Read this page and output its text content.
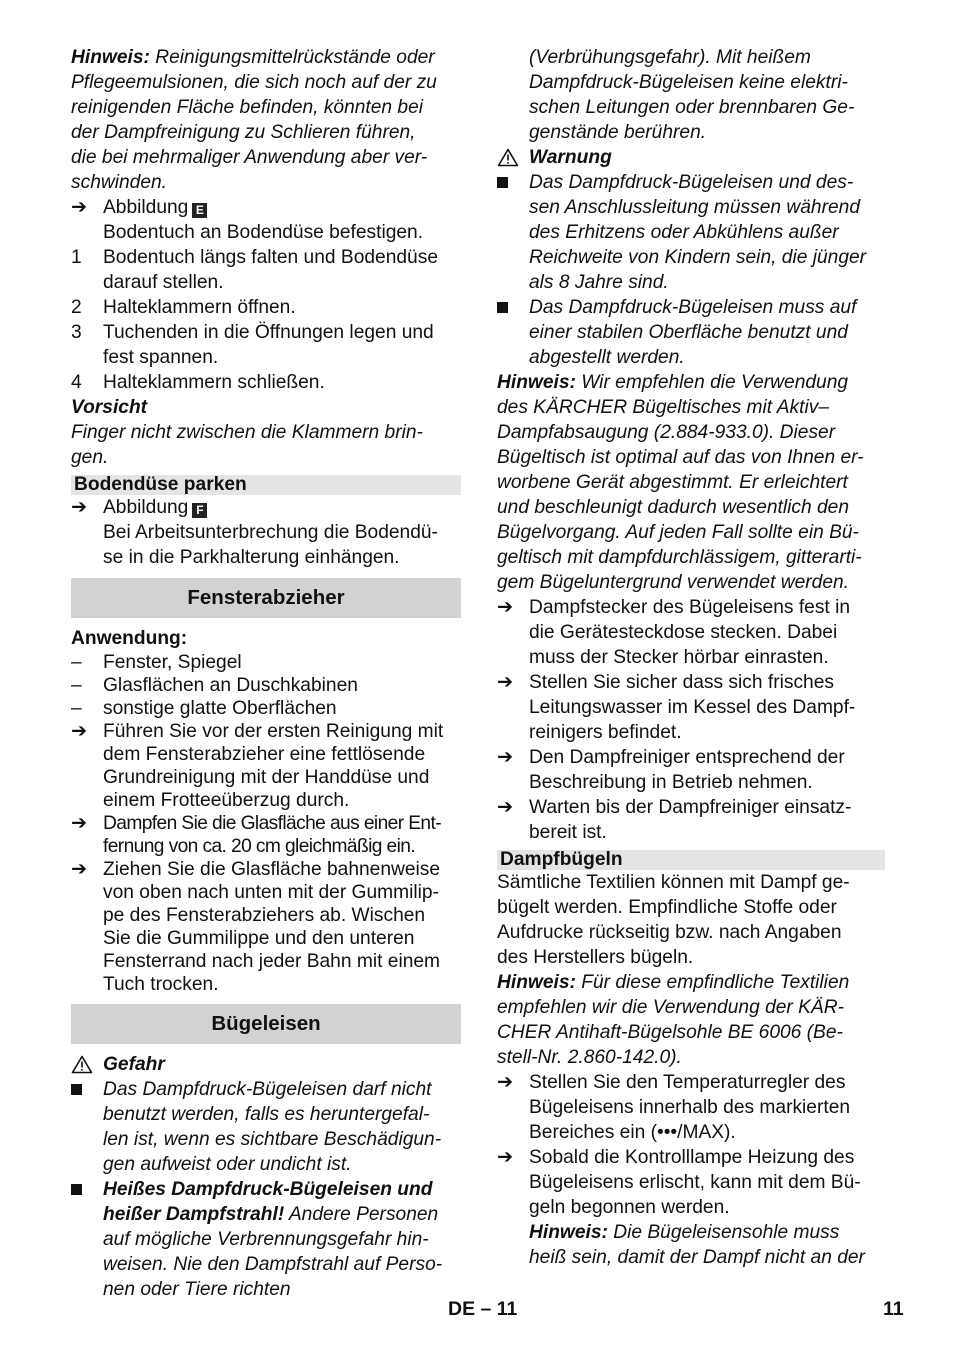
Hinweis: Reinigungsmittelrückstände oder
Pflegeemulsionen, die sich noch auf der zu
reinigenden Fläche befinden, könnten bei
der Dampfreinigung zu Schlieren führen,
die bei mehrmaliger Anwendung aber ver-
schwinden.
➔ Abbildung E
Bodentuch an Bodendüse befestigen.
1	Bodentuch längs falten und Bodendüse
darauf stellen.
2	Halteklammern öffnen.
3	Tuchenden in die Öffnungen legen und
fest spannen.
4	Halteklammern schließen.
Vorsicht
Finger nicht zwischen die Klammern brin-
gen.
Bodendüse parken
➔ Abbildung F
Bei Arbeitsunterbrechung die Bodendü-
se in die Parkhalterung einhängen.
Fensterabzieher
Anwendung:
–	Fenster, Spiegel
–	Glasflächen an Duschkabinen
–	sonstige glatte Oberflächen
➔ Führen Sie vor der ersten Reinigung mit
dem Fensterabzieher eine fettlösende
Grundreinigung mit der Handdüse und
einem Frotteeüberzug durch.
➔ Dampfen Sie die Glasfläche aus einer Ent-
fernung von ca. 20 cm gleichmäßig ein.
➔ Ziehen Sie die Glasfläche bahnenweise
von oben nach unten mit der Gummilip-
pe des Fensterabziehers ab. Wischen
Sie die Gummilippe und den unteren
Fensterrand nach jeder Bahn mit einem
Tuch trocken.
Bügeleisen
Gefahr
Das Dampfdruck-Bügeleisen darf nicht
benutzt werden, falls es heruntergefal-
len ist, wenn es sichtbare Beschädigun-
gen aufweist oder undicht ist.
Heißes Dampfdruck-Bügeleisen und
heißer Dampfstrahl! Andere Personen
auf mögliche Verbrennungsgefahr hin-
weisen. Nie den Dampfstrahl auf Perso-
nen oder Tiere richten
(Verbrühungsgefahr). Mit heißem
Dampfdruck-Bügeleisen keine elektri-
schen Leitungen oder brennbaren Ge-
genstände berühren.
Warnung
Das Dampfdruck-Bügeleisen und des-
sen Anschlussleitung müssen während
des Erhitzens oder Abkühlens außer
Reichweite von Kindern sein, die jünger
als 8 Jahre sind.
Das Dampfdruck-Bügeleisen muss auf
einer stabilen Oberfläche benutzt und
abgestellt werden.
Hinweis: Wir empfehlen die Verwendung
des KÄRCHER Bügeltisches mit Aktiv–
Dampfabsaugung (2.884-933.0). Dieser
Bügeltisch ist optimal auf das von Ihnen er-
worbene Gerät abgestimmt. Er erleichtert
und beschleunigt dadurch wesentlich den
Bügelvorgang. Auf jeden Fall sollte ein Bü-
geltisch mit dampfdurchlässigem, gitterarti-
gem Bügeluntergrund verwendet werden.
➔ Dampfstecker des Bügeleisens fest in
die Gerätesteckdose stecken. Dabei
muss der Stecker hörbar einrasten.
➔ Stellen Sie sicher dass sich frisches
Leitungswasser im Kessel des Dampf-
reinigers befindet.
➔ Den Dampfreiniger entsprechend der
Beschreibung in Betrieb nehmen.
➔ Warten bis der Dampfreiniger einsatz-
bereit ist.
Dampfbügeln
Sämtliche Textilien können mit Dampf ge-
bügelt werden. Empfindliche Stoffe oder
Aufdrucke rückseitig bzw. nach Angaben
des Herstellers bügeln.
Hinweis: Für diese empfindliche Textilien
empfehlen wir die Verwendung der KÄR-
CHER Antihaft-Bügelsohle BE 6006 (Be-
stell-Nr. 2.860-142.0).
➔ Stellen Sie den Temperaturregler des
Bügeleisens innerhalb des markierten
Bereiches ein (•••/MAX).
➔ Sobald die Kontrolllampe Heizung des
Bügeleisens erlischt, kann mit dem Bü-
geln begonnen werden.
Hinweis: Die Bügeleisensohle muss
heiß sein, damit der Dampf nicht an der
DE – 11	11
